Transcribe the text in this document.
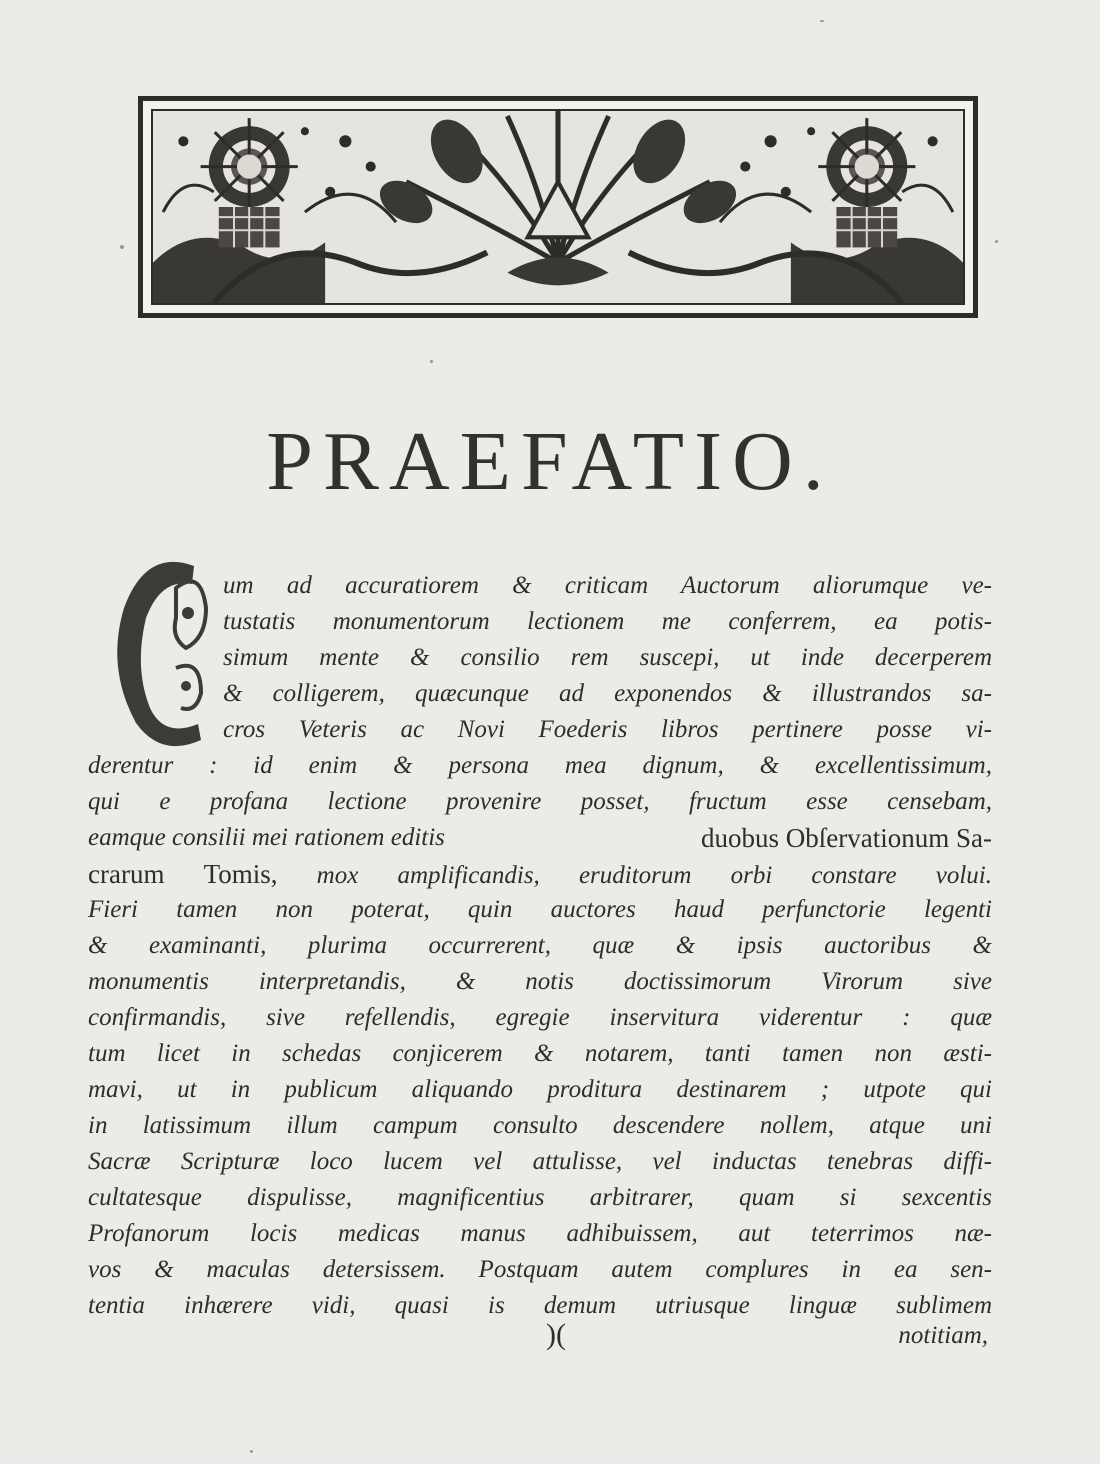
PRAEFATIO.
um ad accuratiorem & criticam Auctorum aliorumque ve-
tustatis monumentorum lectionem me conferrem, ea potis-
simum mente & consilio rem suscepi, ut inde decerperem
& colligerem, quæcunque ad exponendos & illustrandos sa-
cros Veteris ac Novi Foederis libros pertinere posse vi-
derentur : id enim & persona mea dignum, & excellentissimum,
qui e profana lectione provenire posset, fructum esse censebam,
eamque consilii mei rationem editis	duobus Obſervationum Sa-
crarum Tomis, mox amplificandis, eruditorum orbi constare volui.
Fieri tamen non poterat, quin auctores haud perfunctorie legenti
& examinanti, plurima occurrerent, quæ & ipsis auctoribus &
monumentis interpretandis, & notis doctissimorum Virorum sive
confirmandis, sive refellendis, egregie inservitura viderentur : quæ
tum licet in schedas conjicerem & notarem, tanti tamen non æsti-
mavi, ut in publicum aliquando proditura destinarem ; utpote qui
in latissimum illum campum consulto descendere nollem, atque uni
Sacræ Scripturæ loco lucem vel attulisse, vel inductas tenebras diffi-
cultatesque dispulisse, magnificentius arbitrarer, quam si sexcentis
Profanorum locis medicas manus adhibuissem, aut teterrimos næ-
vos & maculas detersissem. Postquam autem complures in ea sen-
tentia inhærere vidi, quasi is demum utriusque linguæ sublimem
)(	notitiam,
